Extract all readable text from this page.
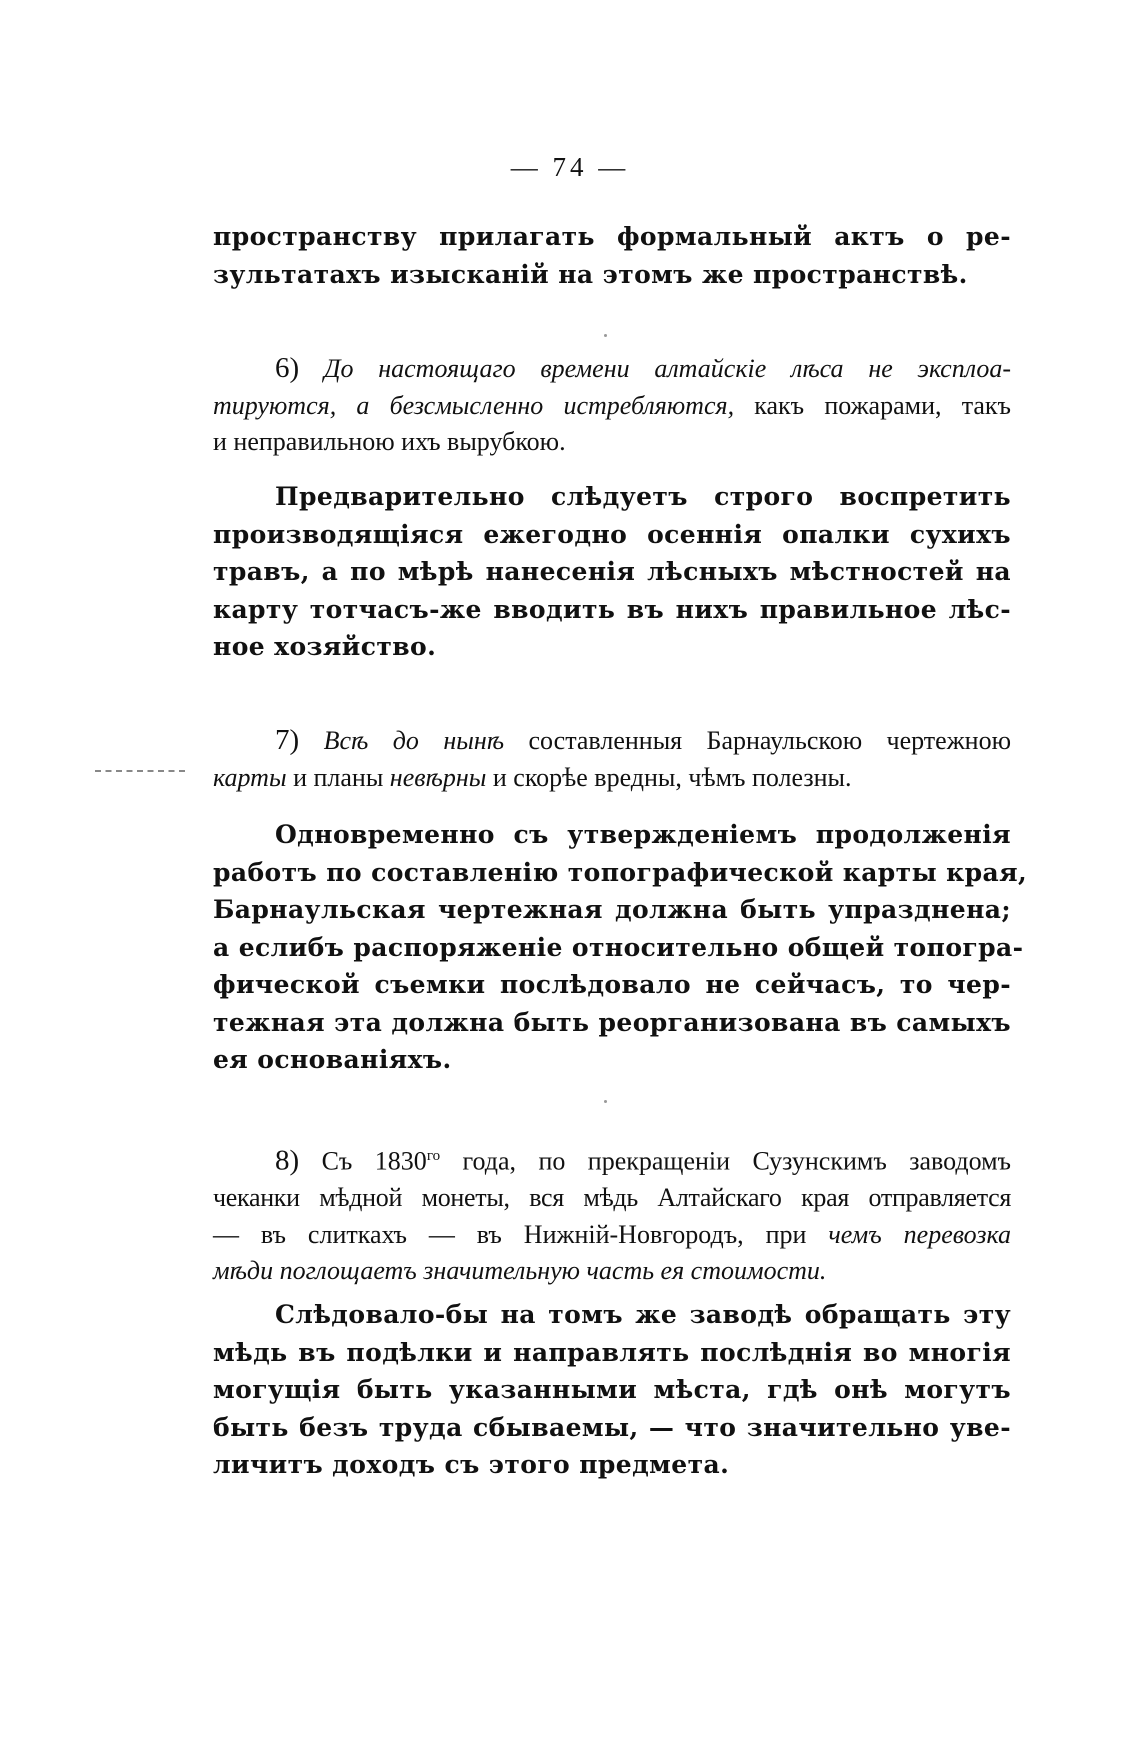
— 74 —
пространству прилагать формальный актъ о ре-
зультатахъ изысканій на этомъ же пространствѣ.
6) До настоящаго времени алтайскіе лѣса не эксплоа-
тируются, а безсмысленно истребляются, какъ пожарами, такъ
и неправильною ихъ вырубкою.
Предварительно слѣдуетъ строго воспретить
производящіяся ежегодно осеннія опалки сухихъ
травъ, а по мѣрѣ нанесенія лѣсныхъ мѣстностей на
карту тотчасъ-же вводить въ нихъ правильное лѣс-
ное хозяйство.
7) Всѣ до нынѣ составленныя Барнаульскою чертежною
карты и планы невѣрны и скорѣе вредны, чѣмъ полезны.
Одновременно съ утвержденіемъ продолженія
работъ по составленію топографической карты края,
Барнаульская чертежная должна быть упразднена;
а еслибъ распоряженіе относительно общей топогра-
фической съемки послѣдовало не сейчасъ, то чер-
тежная эта должна быть реорганизована въ самыхъ
ея основаніяхъ.
8) Съ $1830^{го}$ года, по прекращеніи Сузунскимъ заводомъ
чеканки мѣдной монеты, вся мѣдь Алтайскаго края отправляется
— въ слиткахъ — въ Нижній-Новгородъ, при чемъ перевозка
мѣди поглощаетъ значительную часть ея стоимости.
Слѣдовало-бы на томъ же заводѣ обращать эту
мѣдь въ подѣлки и направлять послѣднія во многія
могущія быть указанными мѣста, гдѣ онѣ могутъ
быть безъ труда сбываемы, — что значительно уве-
личитъ доходъ съ этого предмета.
